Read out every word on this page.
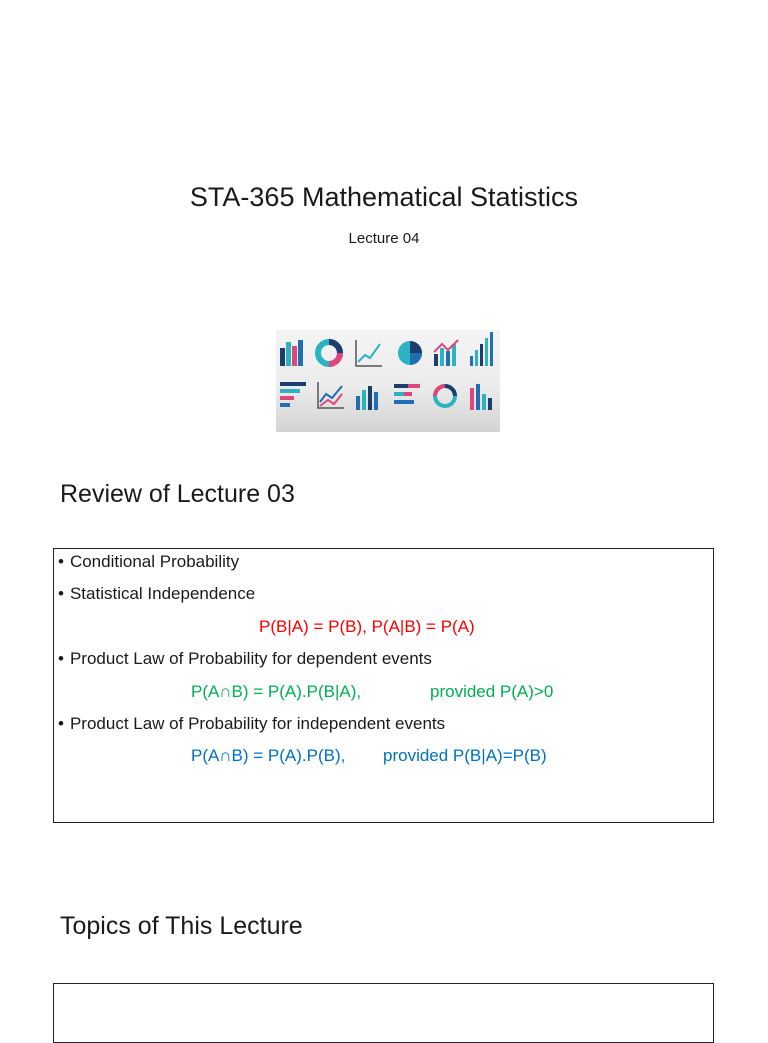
STA-365 Mathematical Statistics
Lecture 04
Review of Lecture 03
• Conditional Probability
• Statistical Independence
P(B|A) = P(B), P(A|B) = P(A)
• Product Law of Probability for dependent events
P(A∩B) = P(A).P(B|A),	provided P(A)>0
• Product Law of Probability for independent events
P(A∩B) = P(A).P(B), provided P(B|A)=P(B)
Topics of This Lecture
